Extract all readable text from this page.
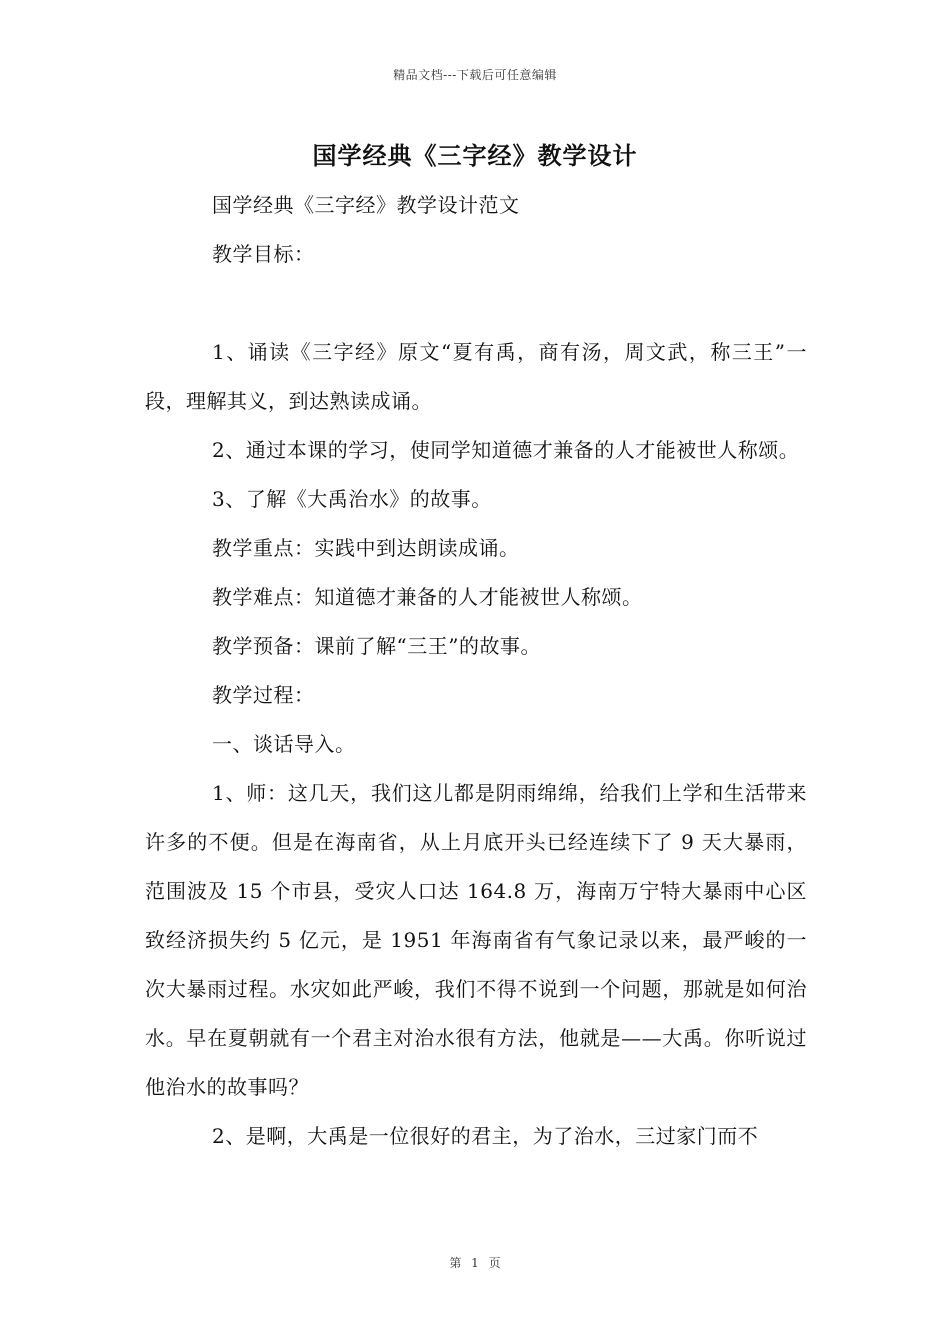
精品文档---下载后可任意编辑
国学经典《三字经》教学设计

国学经典《三字经》教学设计范文

教学目标：

1、诵读《三字经》原文“夏有禹，商有汤，周文武，称三王”一段，理解其义，到达熟读成诵。

2、通过本课的学习，使同学知道德才兼备的人才能被世人称颂。

3、了解《大禹治水》的故事。

教学重点：实践中到达朗读成诵。

教学难点：知道德才兼备的人才能被世人称颂。

教学预备：课前了解“三王”的故事。

教学过程：

一、谈话导入。

1、师：这几天，我们这儿都是阴雨绵绵，给我们上学和生活带来许多的不便。但是在海南省，从上月底开头已经连续下了 9 天大暴雨，范围波及 15 个市县，受灾人口达 164.8 万，海南万宁特大暴雨中心区致经济损失约 5 亿元，是 1951 年海南省有气象记录以来，最严峻的一次大暴雨过程。水灾如此严峻，我们不得不说到一个问题，那就是如何治水。早在夏朝就有一个君主对治水很有方法，他就是——大禹。你听说过他治水的故事吗？

2、是啊，大禹是一位很好的君主，为了治水，三过家门而不

第 1 页
